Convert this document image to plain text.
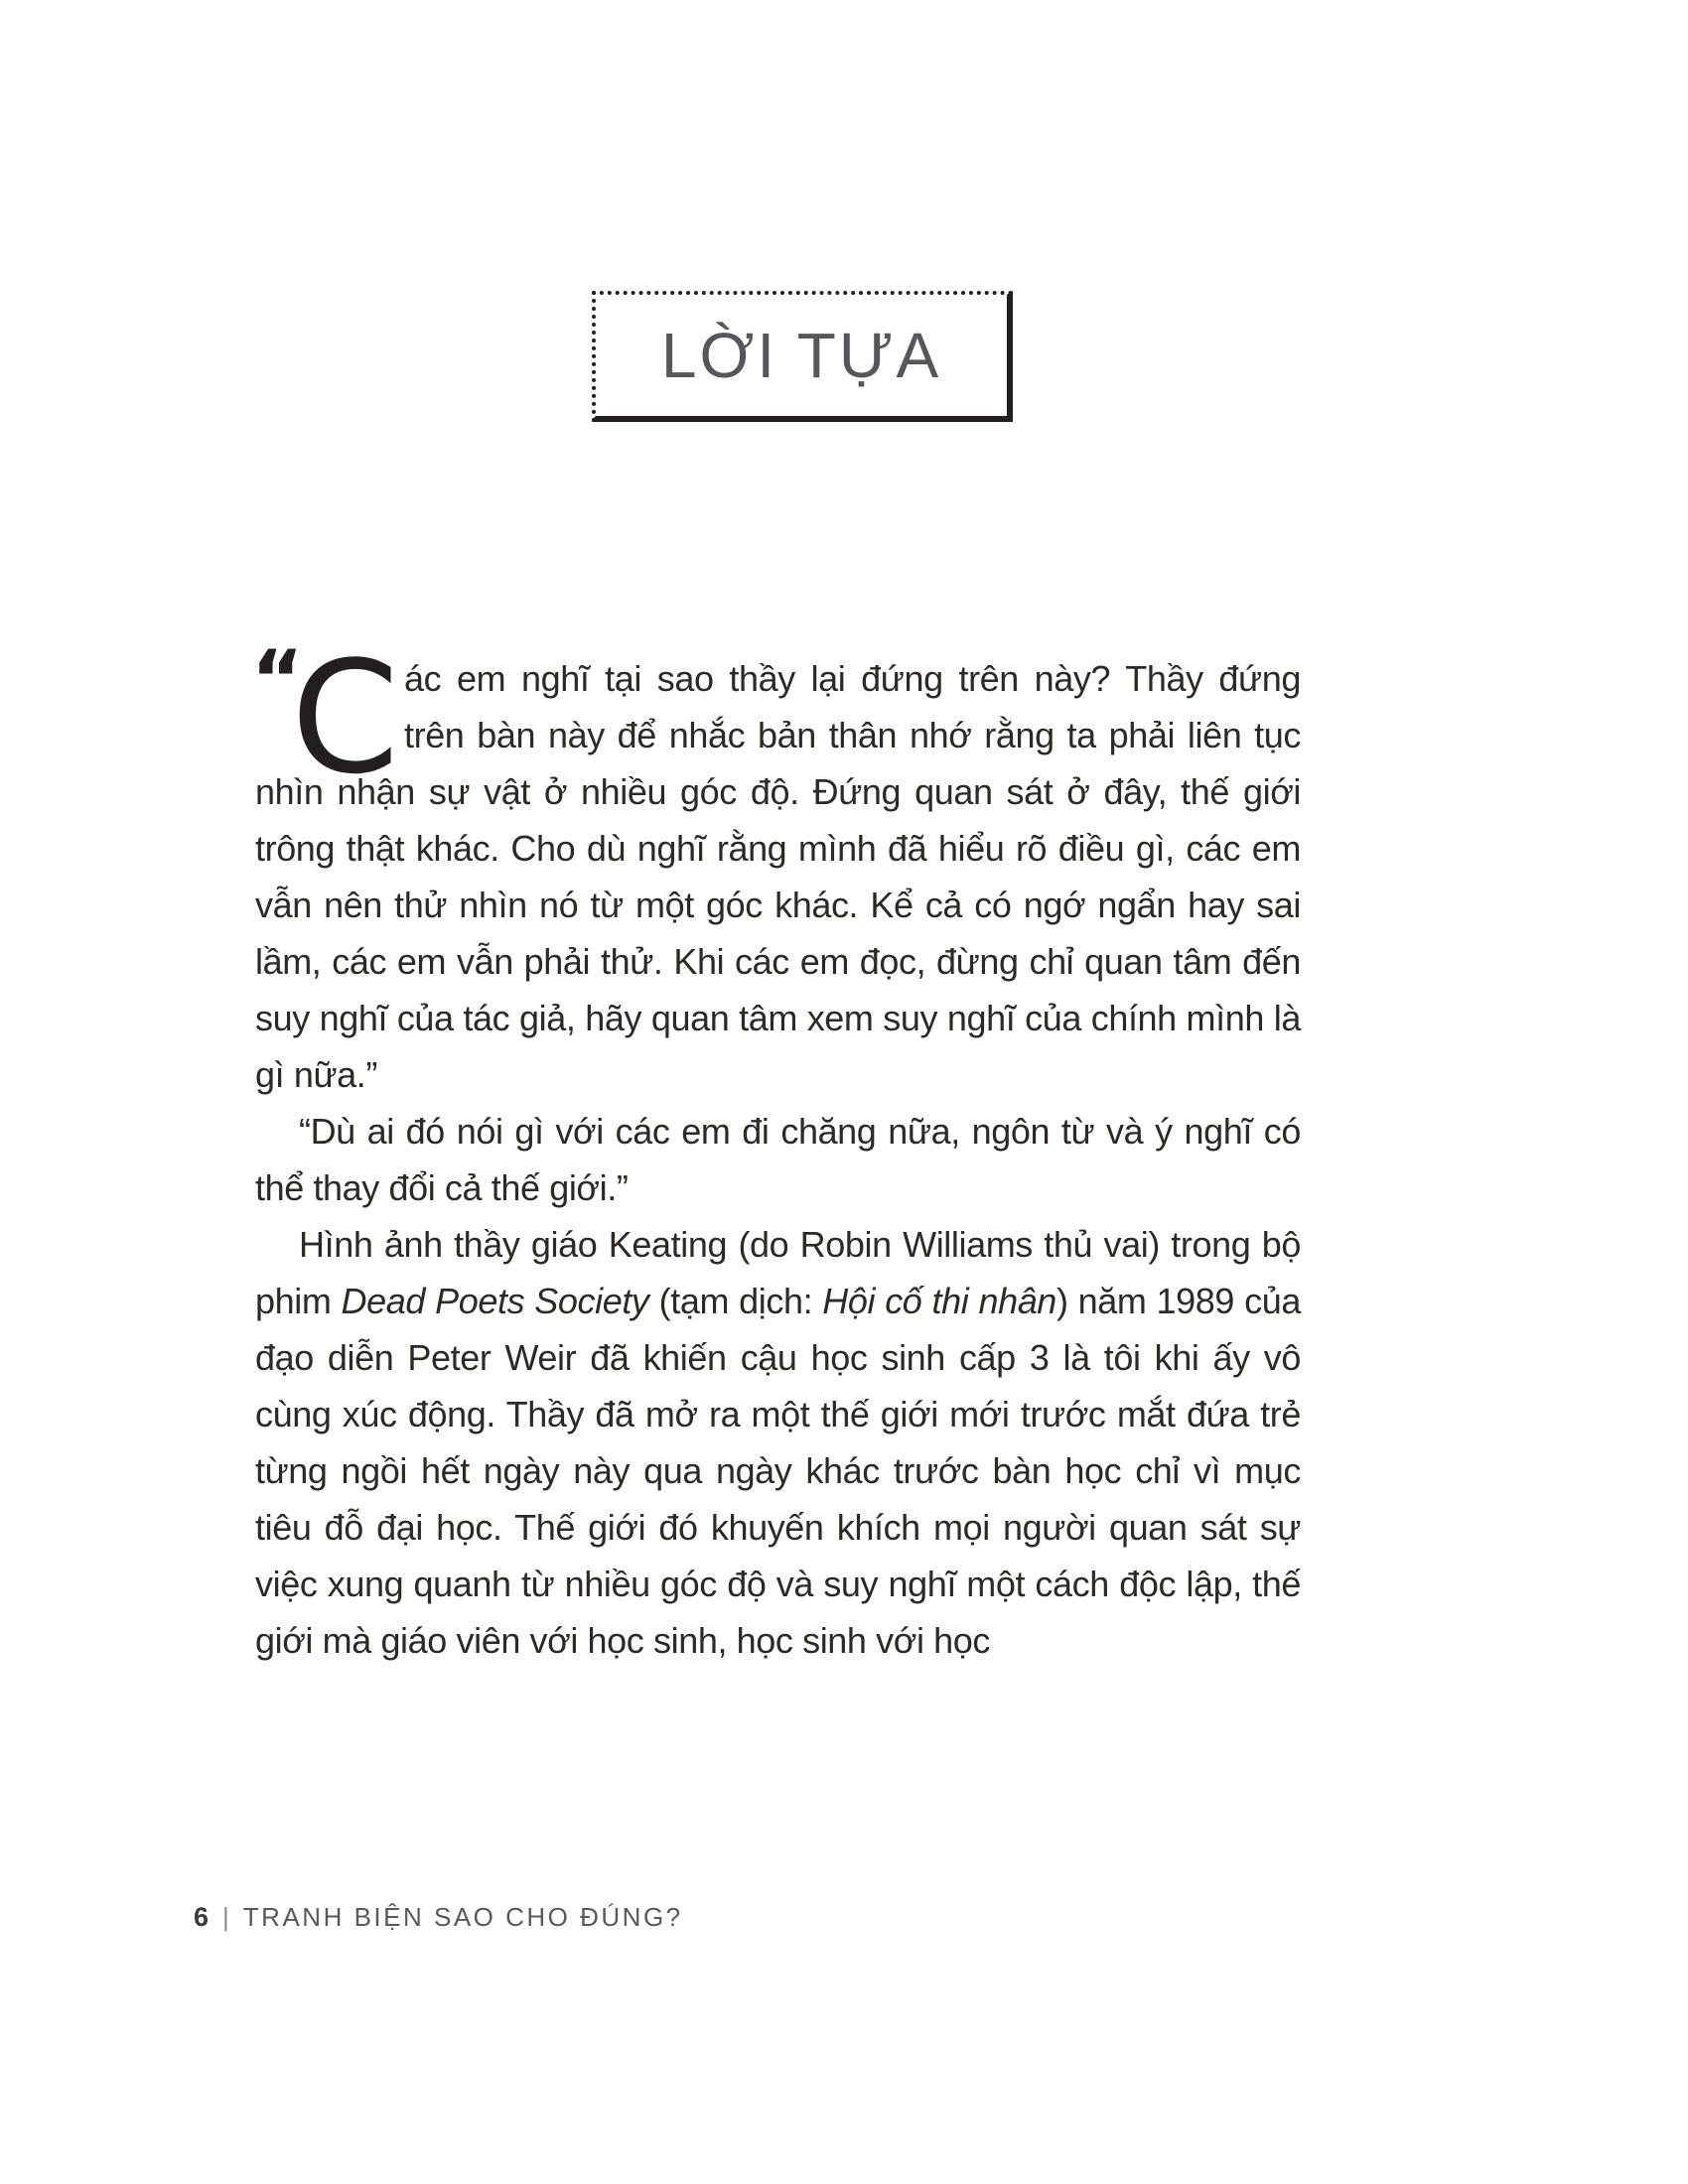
LỜI TỰA

“
C ác em nghĩ tại sao thầy lại đứng trên này? Thầy đứng trên bàn này để nhắc bản thân nhớ rằng ta phải liên tục nhìn nhận sự vật ở nhiều góc độ. Đứng quan sát ở đây, thế giới trông thật khác. Cho dù nghĩ rằng mình đã hiểu rõ điều gì, các em vẫn nên thử nhìn nó từ một góc khác. Kể cả có ngớ ngẩn hay sai lầm, các em vẫn phải thử. Khi các em đọc, đừng chỉ quan tâm đến suy nghĩ của tác giả, hãy quan tâm xem suy nghĩ của chính mình là gì nữa.”

“Dù ai đó nói gì với các em đi chăng nữa, ngôn từ và ý nghĩ có thể thay đổi cả thế giới.”

Hình ảnh thầy giáo Keating (do Robin Williams thủ vai) trong bộ phim Dead Poets Society (tạm dịch: Hội cố thi nhân) năm 1989 của đạo diễn Peter Weir đã khiến cậu học sinh cấp 3 là tôi khi ấy vô cùng xúc động. Thầy đã mở ra một thế giới mới trước mắt đứa trẻ từng ngồi hết ngày này qua ngày khác trước bàn học chỉ vì mục tiêu đỗ đại học. Thế giới đó khuyến khích mọi người quan sát sự việc xung quanh từ nhiều góc độ và suy nghĩ một cách độc lập, thế giới mà giáo viên với học sinh, học sinh với học

6 | TRANH BIỆN SAO CHO ĐÚNG?
